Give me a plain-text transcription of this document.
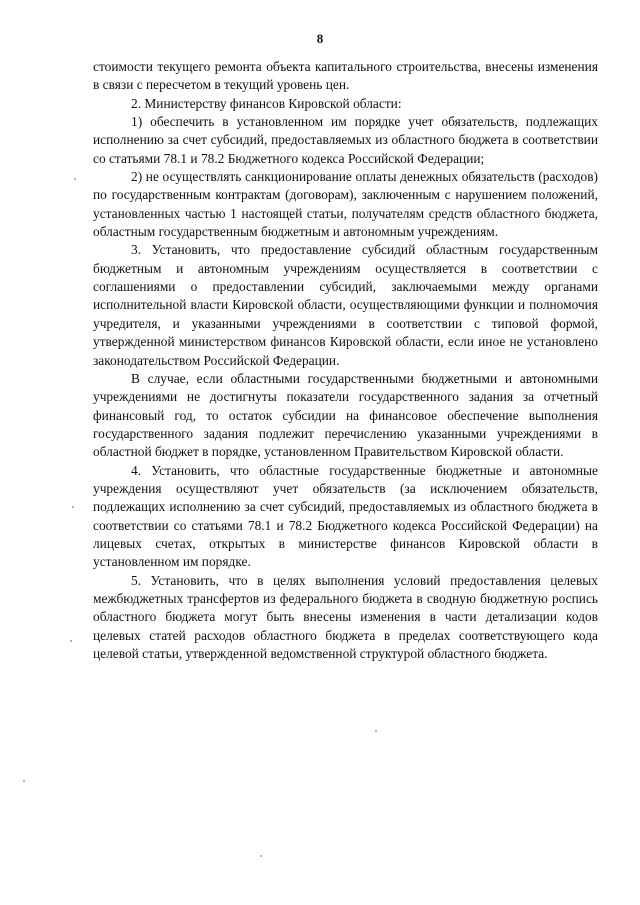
8

стоимости текущего ремонта объекта капитального строительства, внесены изменения в связи с пересчетом в текущий уровень цен.

2. Министерству финансов Кировской области:

1) обеспечить в установленном им порядке учет обязательств, подлежащих исполнению за счет субсидий, предоставляемых из областного бюджета в соответствии со статьями 78.1 и 78.2 Бюджетного кодекса Российской Федерации;

2) не осуществлять санкционирование оплаты денежных обязательств (расходов) по государственным контрактам (договорам), заключенным с нарушением положений, установленных частью 1 настоящей статьи, получателям средств областного бюджета, областным государственным бюджетным и автономным учреждениям.

3. Установить, что предоставление субсидий областным государственным бюджетным и автономным учреждениям осуществляется в соответствии с соглашениями о предоставлении субсидий, заключаемыми между органами исполнительной власти Кировской области, осуществляющими функции и полномочия учредителя, и указанными учреждениями в соответствии с типовой формой, утвержденной министерством финансов Кировской области, если иное не установлено законодательством Российской Федерации.

В случае, если областными государственными бюджетными и автономными учреждениями не достигнуты показатели государственного задания за отчетный финансовый год, то остаток субсидии на финансовое обеспечение выполнения государственного задания подлежит перечислению указанными учреждениями в областной бюджет в порядке, установленном Правительством Кировской области.

4. Установить, что областные государственные бюджетные и автономные учреждения осуществляют учет обязательств (за исключением обязательств, подлежащих исполнению за счет субсидий, предоставляемых из областного бюджета в соответствии со статьями 78.1 и 78.2 Бюджетного кодекса Российской Федерации) на лицевых счетах, открытых в министерстве финансов Кировской области в установленном им порядке.

5. Установить, что в целях выполнения условий предоставления целевых межбюджетных трансфертов из федерального бюджета в сводную бюджетную роспись областного бюджета могут быть внесены изменения в части детализации кодов целевых статей расходов областного бюджета в пределах соответствующего кода целевой статьи, утвержденной ведомственной структурой областного бюджета.
